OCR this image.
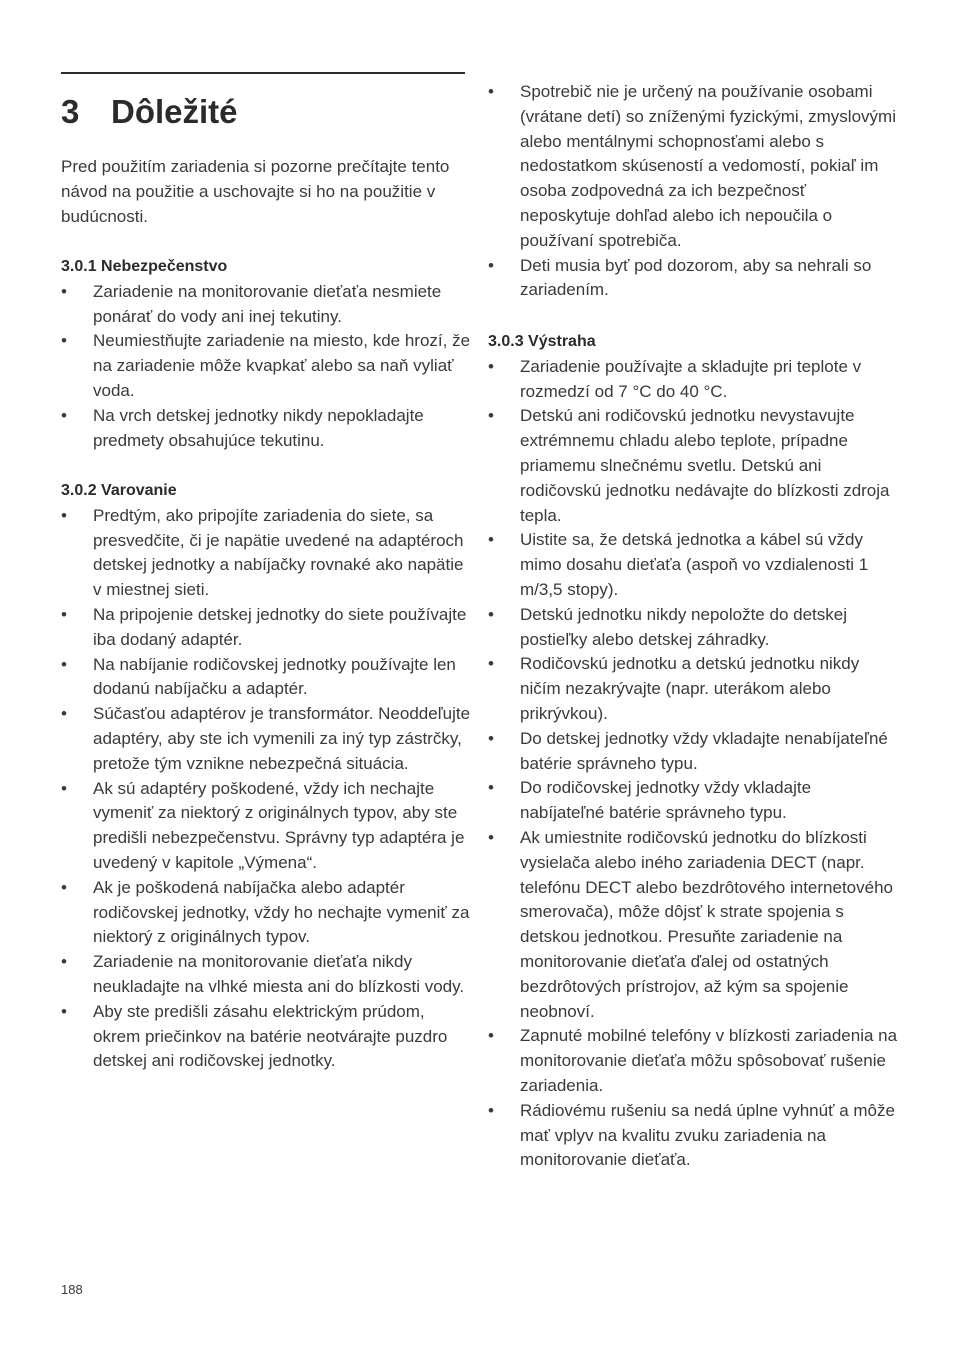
3 Dôležité

Pred použitím zariadenia si pozorne prečítajte tento návod na použitie a uschovajte si ho na použitie v budúcnosti.

3.0.1 Nebezpečenstvo
•	Zariadenie na monitorovanie dieťaťa nesmiete ponárať do vody ani inej tekutiny.
•	Neumiestňujte zariadenie na miesto, kde hrozí, že na zariadenie môže kvapkať alebo sa naň vyliať voda.
•	Na vrch detskej jednotky nikdy nepokladajte predmety obsahujúce tekutinu.
3.0.2 Varovanie
•	Predtým, ako pripojíte zariadenia do siete, sa presvedčite, či je napätie uvedené na adaptéroch detskej jednotky a nabíjačky rovnaké ako napätie v miestnej sieti.
•	Na pripojenie detskej jednotky do siete používajte iba dodaný adaptér.
•	Na nabíjanie rodičovskej jednotky používajte len dodanú nabíjačku a adaptér.
•	Súčasťou adaptérov je transformátor. Neoddeľujte adaptéry, aby ste ich vymenili za iný typ zástrčky, pretože tým vznikne nebezpečná situácia.
•	Ak sú adaptéry poškodené, vždy ich nechajte vymeniť za niektorý z originálnych typov, aby ste predišli nebezpečenstvu. Správny typ adaptéra je uvedený v kapitole „Výmena“.
•	Ak je poškodená nabíjačka alebo adaptér rodičovskej jednotky, vždy ho nechajte vymeniť za niektorý z originálnych typov.
•	Zariadenie na monitorovanie dieťaťa nikdy neukladajte na vlhké miesta ani do blízkosti vody.
•	Aby ste predišli zásahu elektrickým prúdom, okrem priečinkov na batérie neotvárajte puzdro detskej ani rodičovskej jednotky.
•	Spotrebič nie je určený na používanie osobami (vrátane detí) so zníženými fyzickými, zmyslovými alebo mentálnymi schopnosťami alebo s nedostatkom skúseností a vedomostí, pokiaľ im osoba zodpovedná za ich bezpečnosť neposkytuje dohľad alebo ich nepoučila o používaní spotrebiča.
•	Deti musia byť pod dozorom, aby sa nehrali so zariadením.
3.0.3 Výstraha
•	Zariadenie používajte a skladujte pri teplote v rozmedzí od 7 °C do 40 °C.
•	Detskú ani rodičovskú jednotku nevystavujte extrémnemu chladu alebo teplote, prípadne priamemu slnečnému svetlu. Detskú ani rodičovskú jednotku nedávajte do blízkosti zdroja tepla.
•	Uistite sa, že detská jednotka a kábel sú vždy mimo dosahu dieťaťa (aspoň vo vzdialenosti 1 m/3,5 stopy).
•	Detskú jednotku nikdy nepoložte do detskej postieľky alebo detskej záhradky.
•	Rodičovskú jednotku a detskú jednotku nikdy ničím nezakrývajte (napr. uterákom alebo prikrývkou).
•	Do detskej jednotky vždy vkladajte nenabíjateľné batérie správneho typu.
•	Do rodičovskej jednotky vždy vkladajte nabíjateľné batérie správneho typu.
•	Ak umiestnite rodičovskú jednotku do blízkosti vysielača alebo iného zariadenia DECT (napr. telefónu DECT alebo bezdrôtového internetového smerovača), môže dôjsť k strate spojenia s detskou jednotkou. Presuňte zariadenie na monitorovanie dieťaťa ďalej od ostatných bezdrôtových prístrojov, až kým sa spojenie neobnoví.
•	Zapnuté mobilné telefóny v blízkosti zariadenia na monitorovanie dieťaťa môžu spôsobovať rušenie zariadenia.
•	Rádiovému rušeniu sa nedá úplne vyhnúť a môže mať vplyv na kvalitu zvuku zariadenia na monitorovanie dieťaťa.
188
